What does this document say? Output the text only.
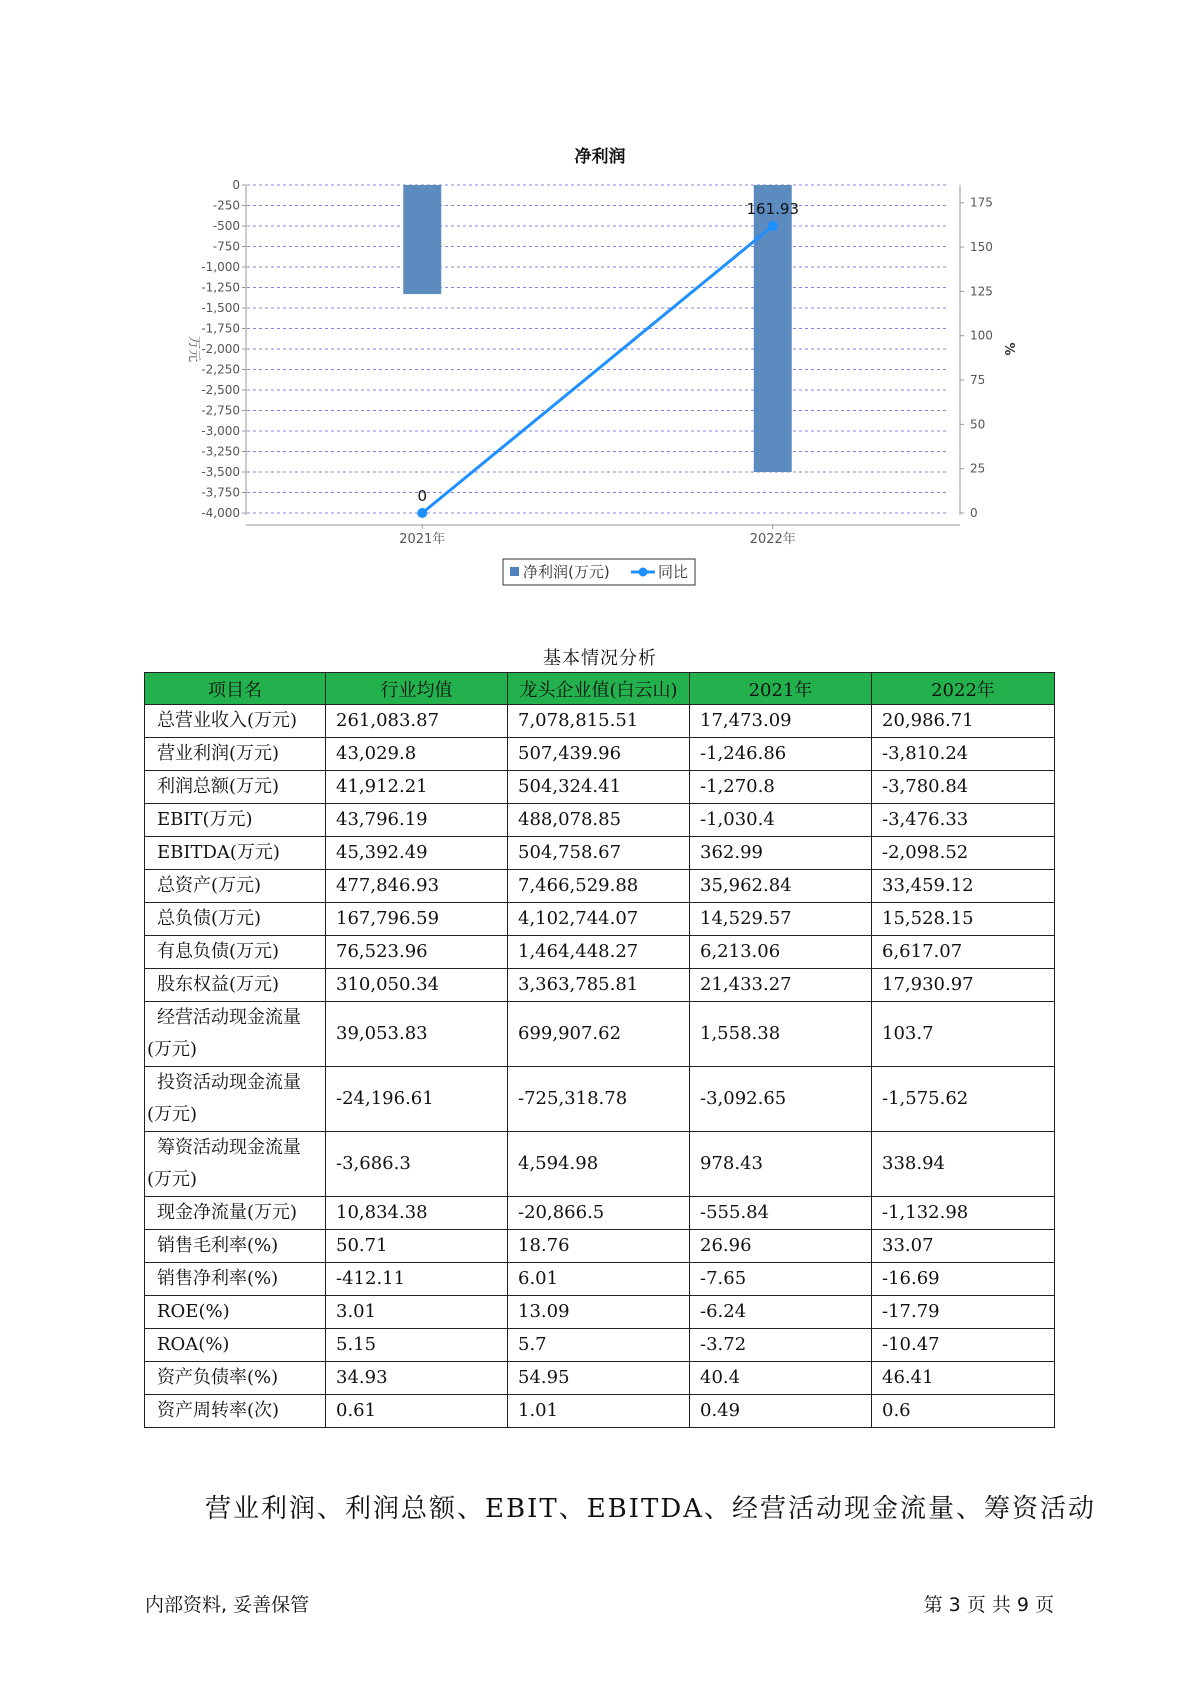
净利润
0
-250
-500
-750
-1,000
-1,250
-1,500
-1,750
-2,000
-2,250
-2,500
-2,750
-3,000
-3,250
-3,500
-3,750
-4,000	0
25
50
75
100
125
150
175
万元	%
2021年	2022年
0
161.93
净利润(万元)	同比
基本情况分析
项目名	行业均值	龙头企业值(白云山)	2021年	2022年
总营业收入(万元)	261,083.87	7,078,815.51	17,473.09	20,986.71
营业利润(万元)	43,029.8	507,439.96	-1,246.86	-3,810.24
利润总额(万元)	41,912.21	504,324.41	-1,270.8	-3,780.84
EBIT(万元)	43,796.19	488,078.85	-1,030.4	-3,476.33
EBITDA(万元)	45,392.49	504,758.67	362.99	-2,098.52
总资产(万元)	477,846.93	7,466,529.88	35,962.84	33,459.12
总负债(万元)	167,796.59	4,102,744.07	14,529.57	15,528.15
有息负债(万元)	76,523.96	1,464,448.27	6,213.06	6,617.07
股东权益(万元)	310,050.34	3,363,785.81	21,433.27	17,930.97

经营活动现金流量
(万元)	39,053.83	699,907.62	1,558.38	103.7

投资活动现金流量
(万元)	-24,196.61	-725,318.78	-3,092.65	-1,575.62

筹资活动现金流量
(万元)	-3,686.3	4,594.98	978.43	338.94
现金净流量(万元)	10,834.38	-20,866.5	-555.84	-1,132.98
销售毛利率(%)	50.71	18.76	26.96	33.07
销售净利率(%)	-412.11	6.01	-7.65	-16.69
ROE(%)	3.01	13.09	-6.24	-17.79
ROA(%)	5.15	5.7	-3.72	-10.47
资产负债率(%)	34.93	54.95	40.4	46.41
资产周转率(次)	0.61	1.01	0.49	0.6
营业利润、利润总额、EBIT、EBITDA、经营活动现金流量、筹资活动
内部资料, 妥善保管	第 3 页 共 9 页
